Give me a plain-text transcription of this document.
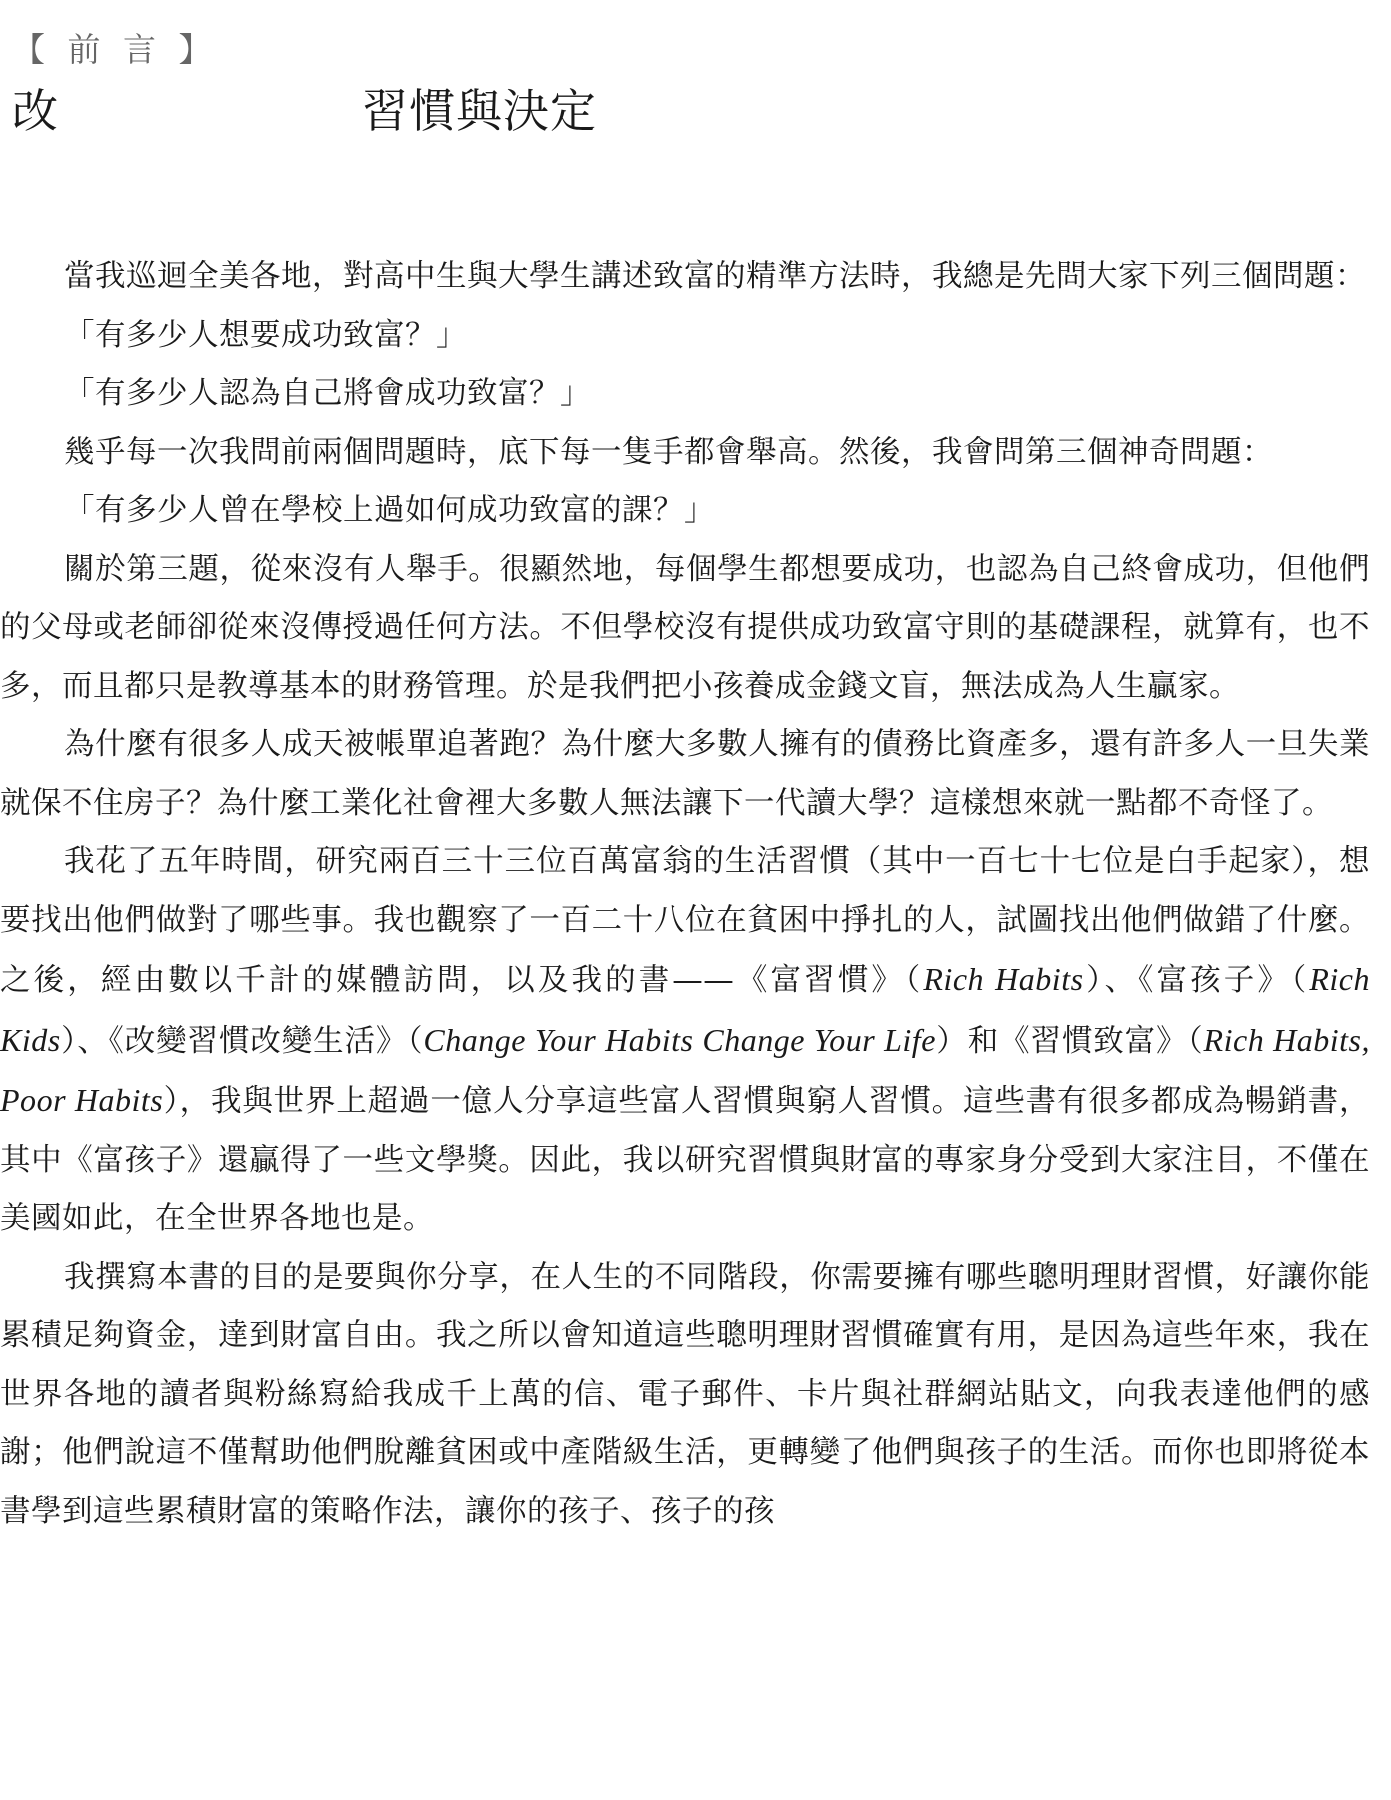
【 前 言 】
改	習慣與決定

當我巡迴全美各地，對高中生與大學生講述致富的精準方法時，我總是先問大家下列三個問題：

「有多少人想要成功致富？」

「有多少人認為自己將會成功致富？」

幾乎每一次我問前兩個問題時，底下每一隻手都會舉高。然後，我會問第三個神奇問題：

「有多少人曾在學校上過如何成功致富的課？」

關於第三題，從來沒有人舉手。很顯然地，每個學生都想要成功，也認為自己終會成功，但他們的父母或老師卻從來沒傳授過任何方法。不但學校沒有提供成功致富守則的基礎課程，就算有，也不多，而且都只是教導基本的財務管理。於是我們把小孩養成金錢文盲，無法成為人生贏家。

為什麼有很多人成天被帳單追著跑？為什麼大多數人擁有的債務比資產多，還有許多人一旦失業就保不住房子？為什麼工業化社會裡大多數人無法讓下一代讀大學？這樣想來就一點都不奇怪了。

我花了五年時間，研究兩百三十三位百萬富翁的生活習慣（其中一百七十七位是白手起家），想要找出他們做對了哪些事。我也觀察了一百二十八位在貧困中掙扎的人，試圖找出他們做錯了什麼。之後，經由數以千計的媒體訪問，以及我的書——《富習慣》（Rich Habits）、《富孩子》（Rich Kids）、《改變習慣改變生活》（Change Your Habits Change Your Life）和《習慣致富》（Rich Habits, Poor Habits），我與世界上超過一億人分享這些富人習慣與窮人習慣。這些書有很多都成為暢銷書，其中《富孩子》還贏得了一些文學獎。因此，我以研究習慣與財富的專家身分受到大家注目，不僅在美國如此，在全世界各地也是。

我撰寫本書的目的是要與你分享，在人生的不同階段，你需要擁有哪些聰明理財習慣，好讓你能累積足夠資金，達到財富自由。我之所以會知道這些聰明理財習慣確實有用，是因為這些年來，我在世界各地的讀者與粉絲寫給我成千上萬的信、電子郵件、卡片與社群網站貼文，向我表達他們的感謝；他們說這不僅幫助他們脫離貧困或中產階級生活，更轉變了他們與孩子的生活。而你也即將從本書學到這些累積財富的策略作法，讓你的孩子、孩子的孩
